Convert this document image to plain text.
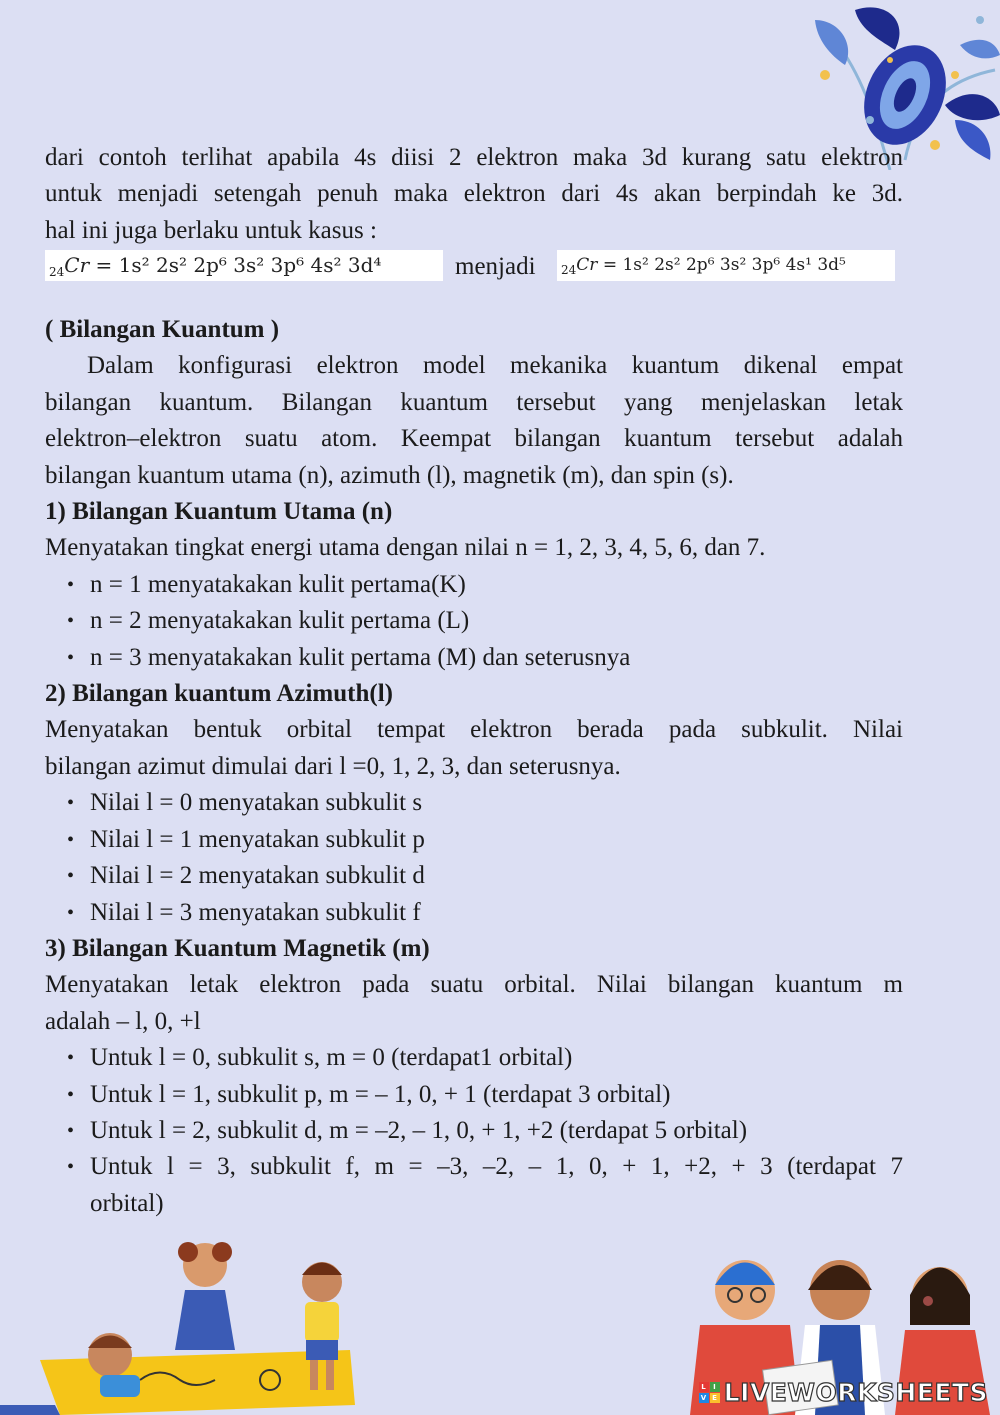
dari contoh terlihat apabila 4s diisi 2 elektron maka 3d kurang satu elektron
untuk menjadi setengah penuh maka elektron dari 4s akan berpindah ke 3d.
hal ini juga berlaku untuk kasus :
$_{24}$Cr = 1s² 2s² 2p⁶ 3s² 3p⁶ 4s² 3d⁴	menjadi	$_{24}$Cr = 1s² 2s² 2p⁶ 3s² 3p⁶ 4s¹ 3d⁵
( Bilangan Kuantum )
Dalam konfigurasi elektron model mekanika kuantum dikenal empat
bilangan kuantum. Bilangan kuantum tersebut yang menjelaskan letak
elektron–elektron suatu atom. Keempat bilangan kuantum tersebut adalah
bilangan kuantum utama (n), azimuth (l), magnetik (m), dan spin (s).
1) Bilangan Kuantum Utama (n)
Menyatakan tingkat energi utama dengan nilai n = 1, 2, 3, 4, 5, 6, dan 7.
• n = 1 menyatakakan kulit pertama(K)
• n = 2 menyatakakan kulit pertama (L)
• n = 3 menyatakakan kulit pertama (M) dan seterusnya
2) Bilangan kuantum Azimuth(l)
Menyatakan bentuk orbital tempat elektron berada pada subkulit. Nilai
bilangan azimut dimulai dari l =0, 1, 2, 3, dan seterusnya.
• Nilai l = 0 menyatakan subkulit s
• Nilai l = 1 menyatakan subkulit p
• Nilai l = 2 menyatakan subkulit d
• Nilai l = 3 menyatakan subkulit f
3) Bilangan Kuantum Magnetik (m)
Menyatakan letak elektron pada suatu orbital. Nilai bilangan kuantum m
adalah – l, 0, +l
• Untuk l = 0, subkulit s, m = 0 (terdapat1 orbital)
• Untuk l = 1, subkulit p, m = – 1, 0, + 1 (terdapat 3 orbital)
• Untuk l = 2, subkulit d, m = –2, – 1, 0, + 1, +2 (terdapat 5 orbital)
• Untuk l = 3, subkulit f, m = –3, –2, – 1, 0, + 1, +2, + 3 (terdapat 7
orbital)
L I
V E LIVEWORKSHEETS
